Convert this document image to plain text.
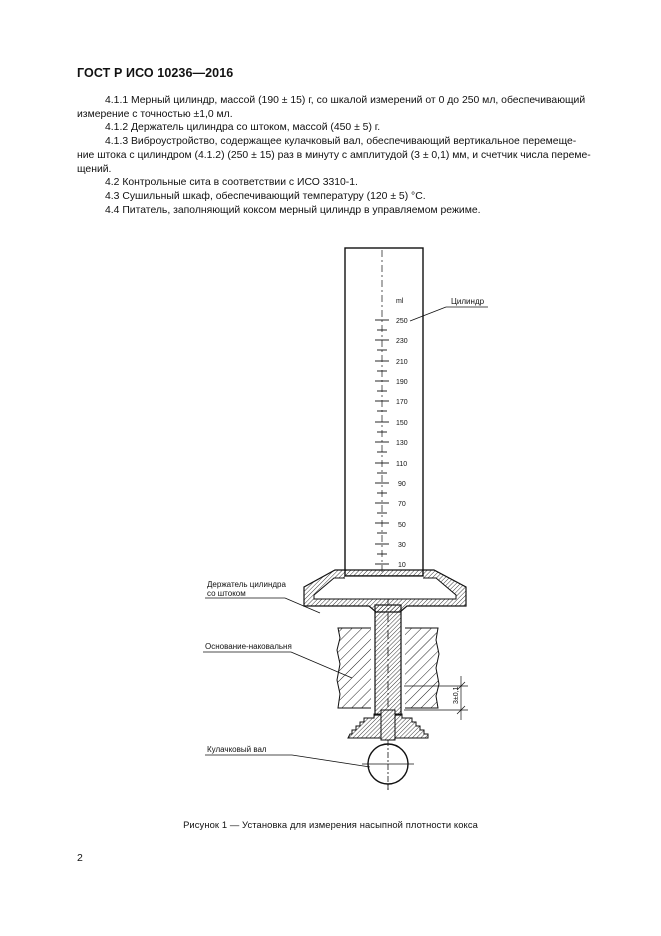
ГОСТ Р ИСО 10236—2016

4.1.1 Мерный цилиндр, массой (190 ± 15) г, со шкалой измерений от 0 до 250 мл, обеспечивающий

измерение с точностью ±1,0 мл.

4.1.2 Держатель цилиндра со штоком, массой (450 ± 5) г.

4.1.3 Виброустройство, содержащее кулачковый вал, обеспечивающий вертикальное перемеще-

ние штока с цилиндром (4.1.2) (250 ± 15) раз в минуту с амплитудой (3 ± 0,1) мм, и счетчик числа переме-

щений.

4.2 Контрольные сита в соответствии с ИСО 3310-1.

4.3 Сушильный шкаф, обеспечивающий температуру (120 ± 5) °C.

4.4 Питатель, заполняющий коксом мерный цилиндр в управляемом режиме.

ml
250
230
210
190
170
150
130
110
90
70
50
30
10
Цилиндр
Держатель цилиндра
со штоком
Основание-наковальня
Кулачковый вал
3±0,1
Рисунок 1 — Установка для измерения насыпной плотности кокса
2
